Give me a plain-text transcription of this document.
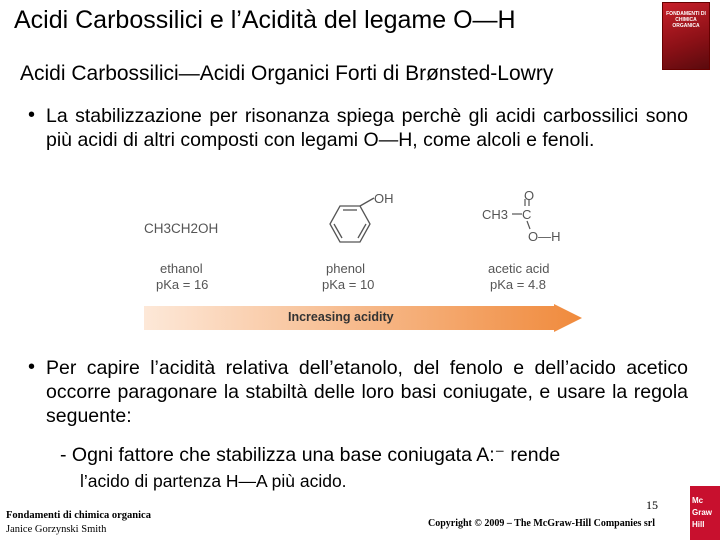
Acidi Carbossilici e l’Acidità del legame O—H	FONDAMENTI DI CHIMICA ORGANICA
Acidi Carbossilici—Acidi Organici Forti di Brønsted-Lowry
• La stabilizzazione per risonanza spiega perchè gli acidi carbossilici sono più acidi di altri composti con legami O—H, come alcoli e fenoli.
CH3CH2OH
ethanol
pKa = 16
OH
phenol
pKa = 10
CH3 C
O
O—H
acetic acid
pKa = 4.8
Increasing acidity
• Per capire l’acidità relativa dell’etanolo, del fenolo e dell’acido acetico occorre paragonare la stabiltà delle loro basi coniugate, e usare la regola seguente:
- Ogni fattore che stabilizza una base coniugata A:⁻ rende
l’acido di partenza H—A più acido.
Fondamenti di chimica organica
Janice Gorzynski Smith
15
Copyright © 2009 – The McGraw-Hill Companies srl
Mc
Graw
Hill
